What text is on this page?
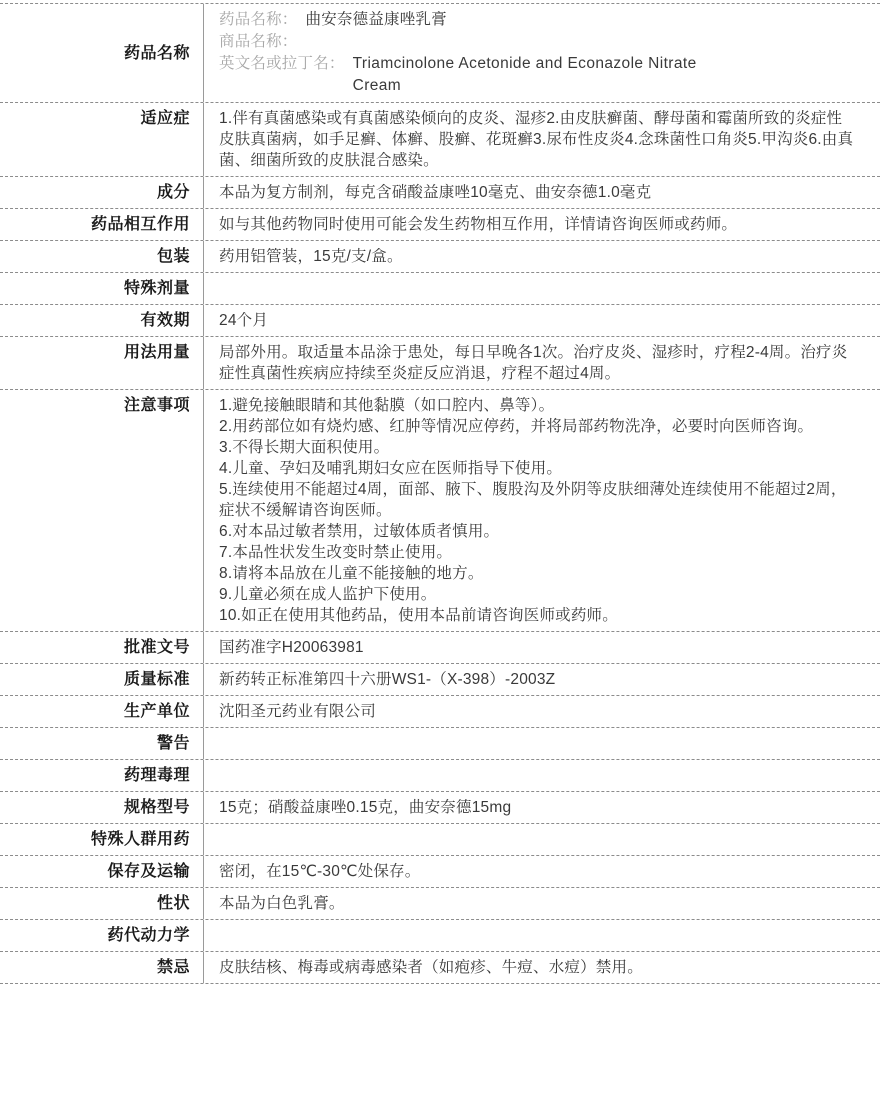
药品名称
药品名称： 曲安奈德益康唑乳膏
商品名称：
英文名或拉丁名： Triamcinolone Acetonide and Econazole Nitrate
Cream
适应症	1.伴有真菌感染或有真菌感染倾向的皮炎、湿疹2.由皮肤癣菌、酵母菌和霉菌所致的炎症性皮肤真菌病，如手足癣、体癣、股癣、花斑癣3.尿布性皮炎4.念珠菌性口角炎5.甲沟炎6.由真菌、细菌所致的皮肤混合感染。
成分	本品为复方制剂，每克含硝酸益康唑10毫克、曲安奈德1.0毫克
药品相互作用	如与其他药物同时使用可能会发生药物相互作用，详情请咨询医师或药师。
包装	药用铝管装，15克/支/盒。
特殊剂量
有效期	24个月
用法用量	局部外用。取适量本品涂于患处，每日早晚各1次。治疗皮炎、湿疹时，疗程2-4周。治疗炎症性真菌性疾病应持续至炎症反应消退，疗程不超过4周。
注意事项	1.避免接触眼睛和其他黏膜（如口腔内、鼻等）。
2.用药部位如有烧灼感、红肿等情况应停药，并将局部药物洗净，必要时向医师咨询。
3.不得长期大面积使用。
4.儿童、孕妇及哺乳期妇女应在医师指导下使用。
5.连续使用不能超过4周，面部、腋下、腹股沟及外阴等皮肤细薄处连续使用不能超过2周，症状不缓解请咨询医师。
6.对本品过敏者禁用，过敏体质者慎用。
7.本品性状发生改变时禁止使用。
8.请将本品放在儿童不能接触的地方。
9.儿童必须在成人监护下使用。
10.如正在使用其他药品，使用本品前请咨询医师或药师。
批准文号	国药准字H20063981
质量标准	新药转正标准第四十六册WS1-（X-398）-2003Z
生产单位	沈阳圣元药业有限公司
警告
药理毒理
规格型号	15克；硝酸益康唑0.15克，曲安奈德15mg
特殊人群用药
保存及运输	密闭，在15℃-30℃处保存。
性状	本品为白色乳膏。
药代动力学
禁忌	皮肤结核、梅毒或病毒感染者（如疱疹、牛痘、水痘）禁用。
